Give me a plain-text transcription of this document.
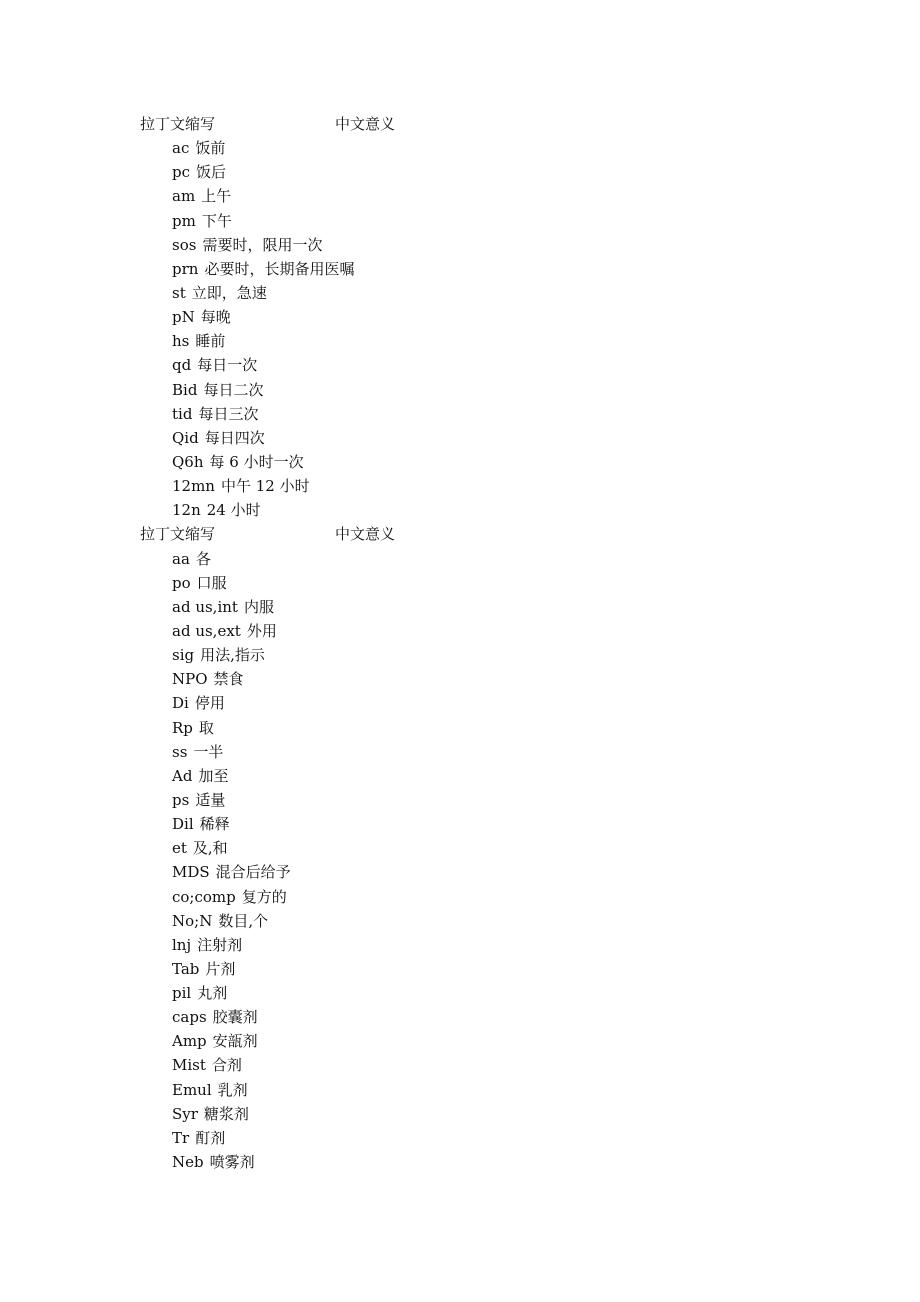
拉丁文缩写	中文意义
ac 饭前
pc 饭后
am 上午
pm 下午
sos 需要时，限用一次
prn 必要时，长期备用医嘱
st 立即，急速
pN 每晚
hs 睡前
qd 每日一次
Bid 每日二次
tid 每日三次
Qid 每日四次
Q6h 每 6 小时一次
12mn 中午 12 小时
12n 24 小时
拉丁文缩写	中文意义
aa 各
po 口服
ad us,int 内服
ad us,ext 外用
sig 用法,指示
NPO 禁食
Di 停用
Rp 取
ss 一半
Ad 加至
ps 适量
Dil 稀释
et 及,和
MDS 混合后给予
co;comp 复方的
No;N 数目,个
lnj 注射剂
Tab 片剂
pil 丸剂
caps 胶囊剂
Amp 安瓿剂
Mist 合剂
Emul 乳剂
Syr 糖浆剂
Tr 酊剂
Neb 喷雾剂
